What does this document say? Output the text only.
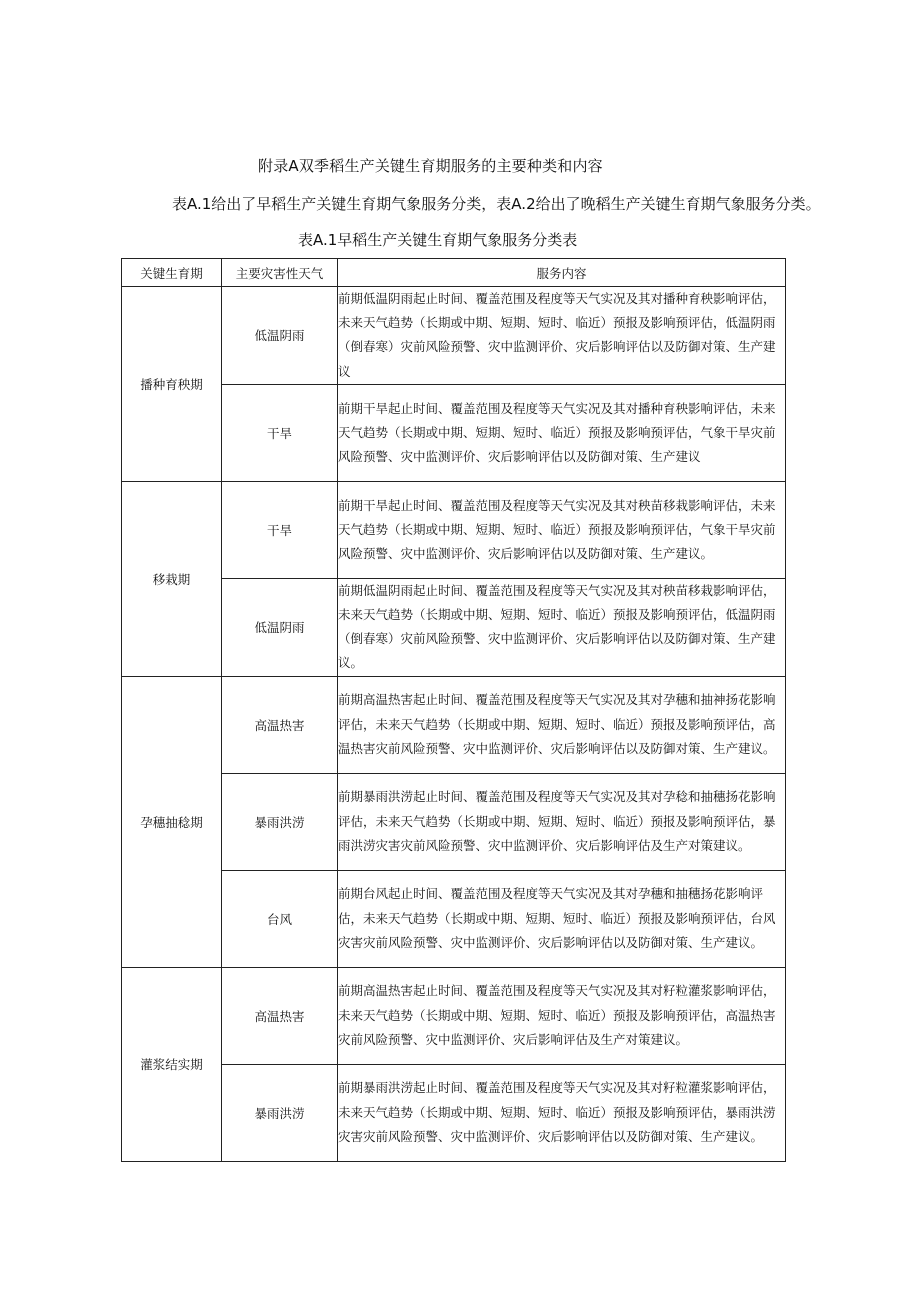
附录A双季稻生产关键生育期服务的主要种类和内容
表A.1给出了早稻生产关键生育期气象服务分类，表A.2给出了晚稻生产关键生育期气象服务分类。
表A.1早稻生产关键生育期气象服务分类表
关键生育期	主要灾害性天气	服务内容
播种育秧期	低温阴雨	前期低温阴雨起止时间、覆盖范围及程度等天气实况及其对播种育秧影响评估，未来天气趋势（长期或中期、短期、短时、临近）预报及影响预评估，低温阴雨（倒春寒）灾前风险预警、灾中监测评价、灾后影响评估以及防御对策、生产建议
	干旱	前期干旱起止时间、覆盖范围及程度等天气实况及其对播种育秧影响评估，未来天气趋势（长期或中期、短期、短时、临近）预报及影响预评估，气象干旱灾前风险预警、灾中监测评价、灾后影响评估以及防御对策、生产建议
移栽期	干旱	前期干旱起止时间、覆盖范围及程度等天气实况及其对秧苗移栽影响评估，未来天气趋势（长期或中期、短期、短时、临近）预报及影响预评估，气象干旱灾前风险预警、灾中监测评价、灾后影响评估以及防御对策、生产建议。
	低温阴雨	前期低温阴雨起止时间、覆盖范围及程度等天气实况及其对秧苗移栽影响评估，未来天气趋势（长期或中期、短期、短时、临近）预报及影响预评估，低温阴雨（倒春寒）灾前风险预警、灾中监测评价、灾后影响评估以及防御对策、生产建议。
孕穗抽稔期	高温热害	前期高温热害起止时间、覆盖范围及程度等天气实况及其对孕穗和抽神扬花影响评估，未来天气趋势（长期或中期、短期、短时、临近）预报及影响预评估，高温热害灾前风险预警、灾中监测评价、灾后影响评估以及防御对策、生产建议。
	暴雨洪涝	前期暴雨洪涝起止时间、覆盖范围及程度等天气实况及其对孕稔和抽穗扬花影响评估，未来天气趋势（长期或中期、短期、短时、临近）预报及影响预评估，暴雨洪涝灾害灾前风险预警、灾中监测评价、灾后影响评估及生产对策建议。
	台风	前期台风起止时间、覆盖范围及程度等天气实况及其对孕穗和抽穗扬花影响评估，未来天气趋势（长期或中期、短期、短时、临近）预报及影响预评估，台风灾害灾前风险预警、灾中监测评价、灾后影响评估以及防御对策、生产建议。
灌浆结实期	高温热害	前期高温热害起止时间、覆盖范围及程度等天气实况及其对籽粒灌浆影响评估，未来天气趋势（长期或中期、短期、短时、临近）预报及影响预评估，高温热害灾前风险预警、灾中监测评价、灾后影响评估及生产对策建议。
	暴雨洪涝	前期暴雨洪涝起止时间、覆盖范围及程度等天气实况及其对籽粒灌浆影响评估，未来天气趋势（长期或中期、短期、短时、临近）预报及影响预评估，暴雨洪涝灾害灾前风险预警、灾中监测评价、灾后影响评估以及防御对策、生产建议。
